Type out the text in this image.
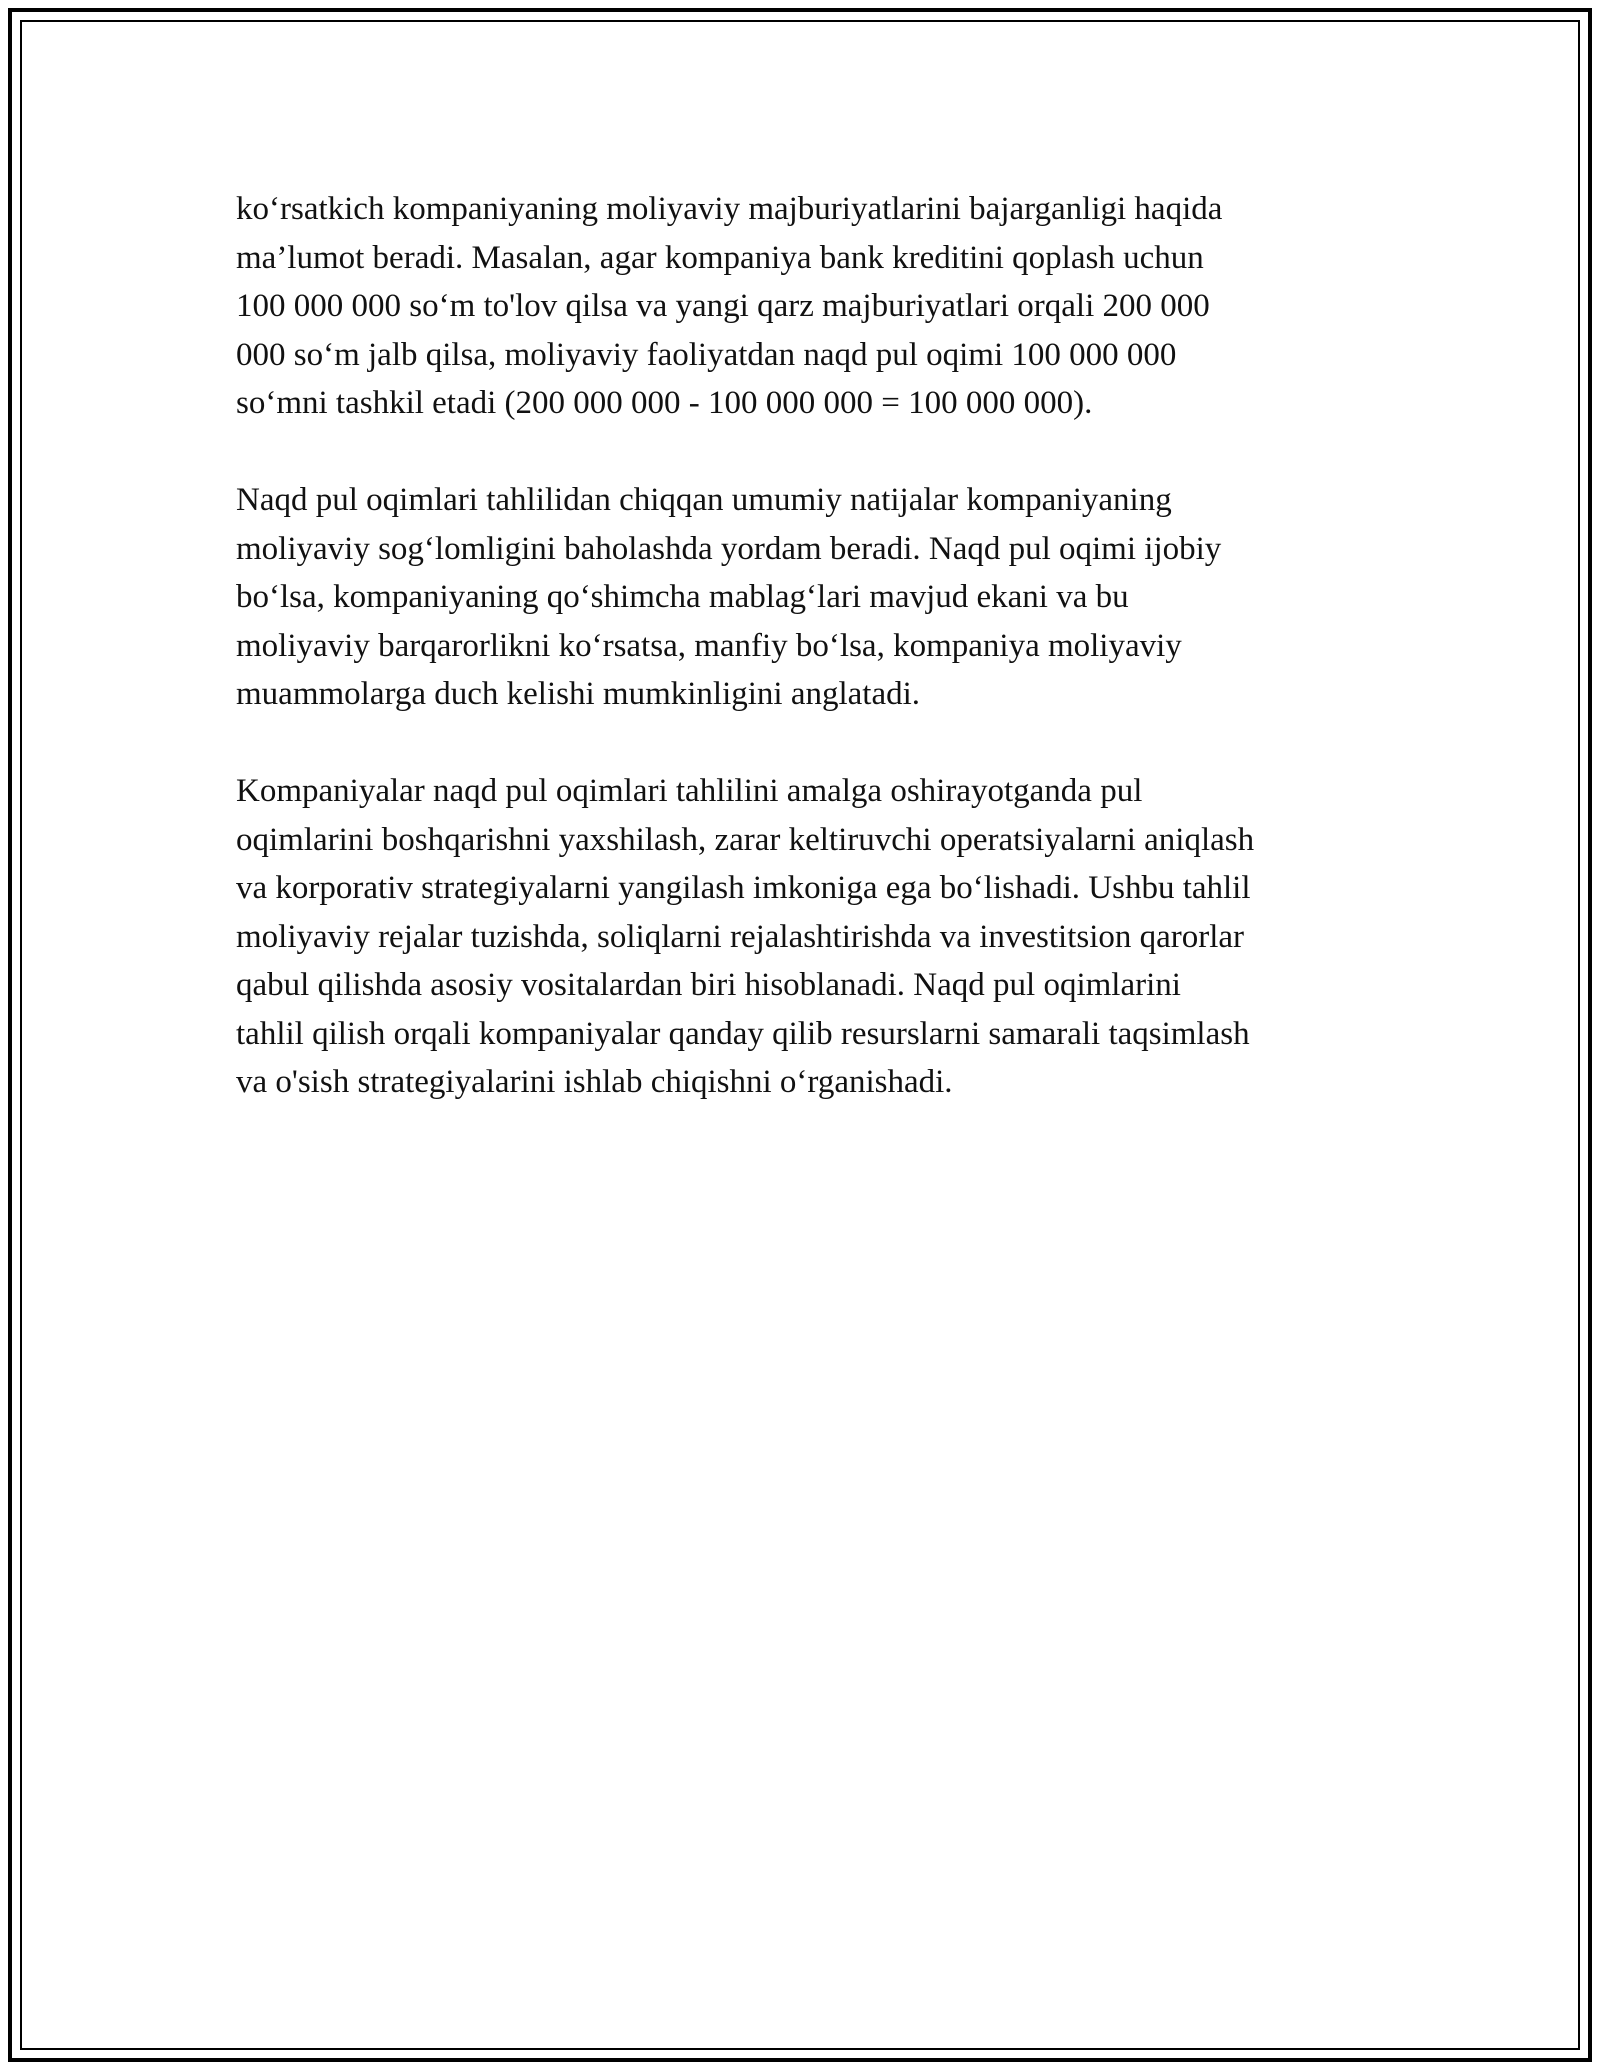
ko‘rsatkich kompaniyaning moliyaviy majburiyatlarini bajarganligi haqida
ma’lumot beradi. Masalan, agar kompaniya bank kreditini qoplash uchun
100 000 000 so‘m to'lov qilsa va yangi qarz majburiyatlari orqali 200 000
000 so‘m jalb qilsa, moliyaviy faoliyatdan naqd pul oqimi 100 000 000
so‘mni tashkil etadi (200 000 000 - 100 000 000 = 100 000 000).

Naqd pul oqimlari tahlilidan chiqqan umumiy natijalar kompaniyaning
moliyaviy sog‘lomligini baholashda yordam beradi. Naqd pul oqimi ijobiy
bo‘lsa, kompaniyaning qo‘shimcha mablag‘lari mavjud ekani va bu
moliyaviy barqarorlikni ko‘rsatsa, manfiy bo‘lsa, kompaniya moliyaviy
muammolarga duch kelishi mumkinligini anglatadi.

Kompaniyalar naqd pul oqimlari tahlilini amalga oshirayotganda pul
oqimlarini boshqarishni yaxshilash, zarar keltiruvchi operatsiyalarni aniqlash
va korporativ strategiyalarni yangilash imkoniga ega bo‘lishadi. Ushbu tahlil
moliyaviy rejalar tuzishda, soliqlarni rejalashtirishda va investitsion qarorlar
qabul qilishda asosiy vositalardan biri hisoblanadi. Naqd pul oqimlarini
tahlil qilish orqali kompaniyalar qanday qilib resurslarni samarali taqsimlash
va o'sish strategiyalarini ishlab chiqishni o‘rganishadi.
